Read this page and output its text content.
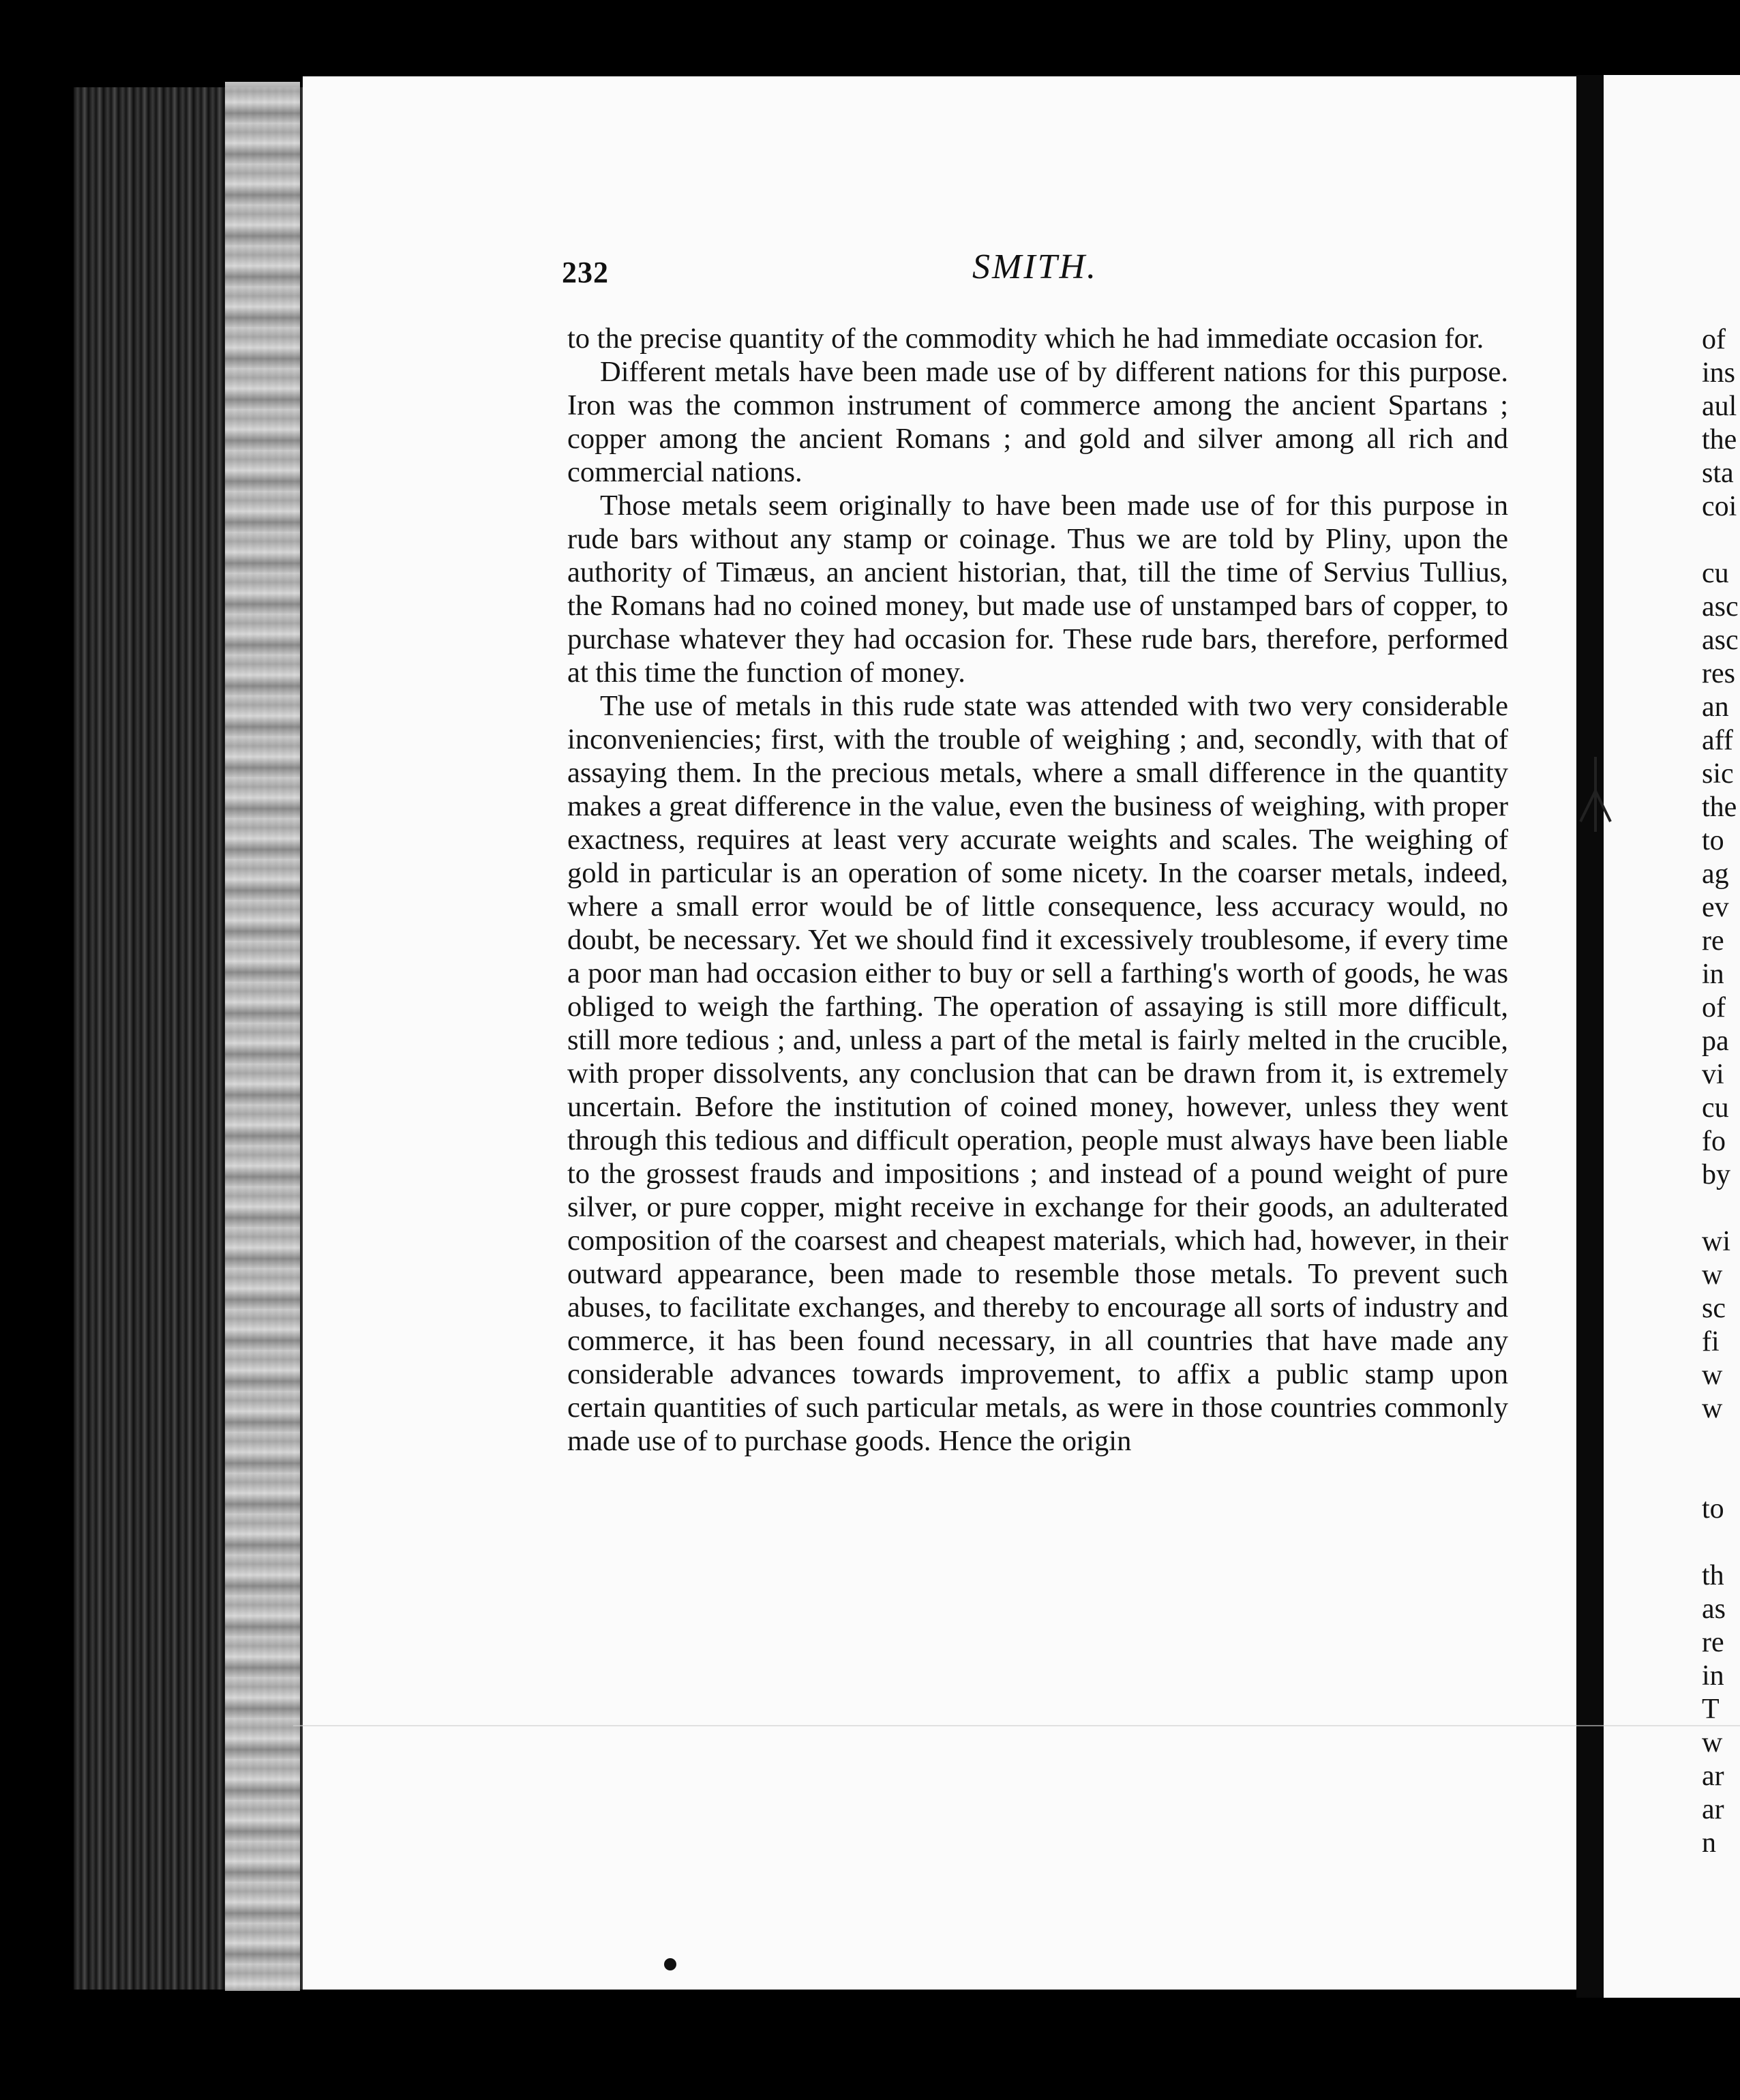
232	SMITH.

to the precise quantity of the commodity which he had immediate occasion for.

Different metals have been made use of by different nations for this purpose. Iron was the common instrument of commerce among the ancient Spartans ; copper among the ancient Romans ; and gold and silver among all rich and commercial nations.

Those metals seem originally to have been made use of for this purpose in rude bars without any stamp or coinage. Thus we are told by Pliny, upon the authority of Timæus, an ancient historian, that, till the time of Servius Tullius, the Romans had no coined money, but made use of unstamped bars of copper, to purchase whatever they had occasion for. These rude bars, therefore, performed at this time the function of money.

The use of metals in this rude state was attended with two very considerable inconveniencies; first, with the trouble of weighing ; and, secondly, with that of assaying them. In the precious metals, where a small difference in the quantity makes a great difference in the value, even the business of weighing, with proper exactness, requires at least very accurate weights and scales. The weighing of gold in particular is an operation of some nicety. In the coarser metals, indeed, where a small error would be of little consequence, less accuracy would, no doubt, be necessary. Yet we should find it excessively troublesome, if every time a poor man had occasion either to buy or sell a farthing's worth of goods, he was obliged to weigh the farthing. The operation of assaying is still more difficult, still more tedious ; and, unless a part of the metal is fairly melted in the crucible, with proper dissolvents, any conclusion that can be drawn from it, is extremely uncertain. Before the institution of coined money, however, unless they went through this tedious and difficult operation, people must always have been liable to the grossest frauds and impositions ; and instead of a pound weight of pure silver, or pure copper, might receive in exchange for their goods, an adulterated composition of the coarsest and cheapest materials, which had, however, in their outward appearance, been made to resemble those metals. To prevent such abuses, to facilitate exchanges, and thereby to encourage all sorts of industry and commerce, it has been found necessary, in all countries that have made any considerable advances towards improvement, to affix a public stamp upon certain quantities of such particular metals, as were in those countries commonly made use of to purchase goods. Hence the origin

of
ins
aul
the
sta
coi
cu
asc
asc
res
an
aff
sic
the
to
ag
ev
re
in
of
pa
vi
cu
fo
by
wi
w
sc
fi
w
w
to
th
as
re
in
T
w
ar
ar
n
